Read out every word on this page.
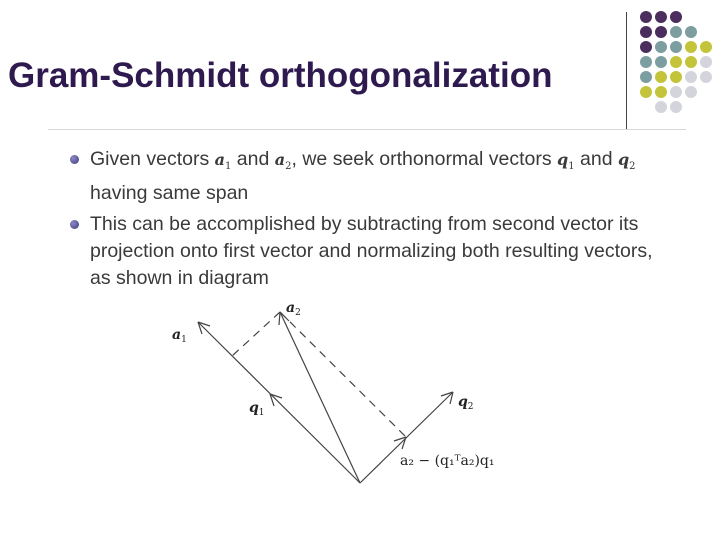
Gram-Schmidt orthogonalization
Given vectors $a_1$ and $a_2$, we seek orthonormal vectors $q_1$ and $q_2$ having same span
This can be accomplished by subtracting from second vector its projection onto first vector and normalizing both resulting vectors, as shown in diagram
$a_1$
$a_2$
$q_1$
$q_2$
a₂ − (q₁ᵀa₂)q₁
